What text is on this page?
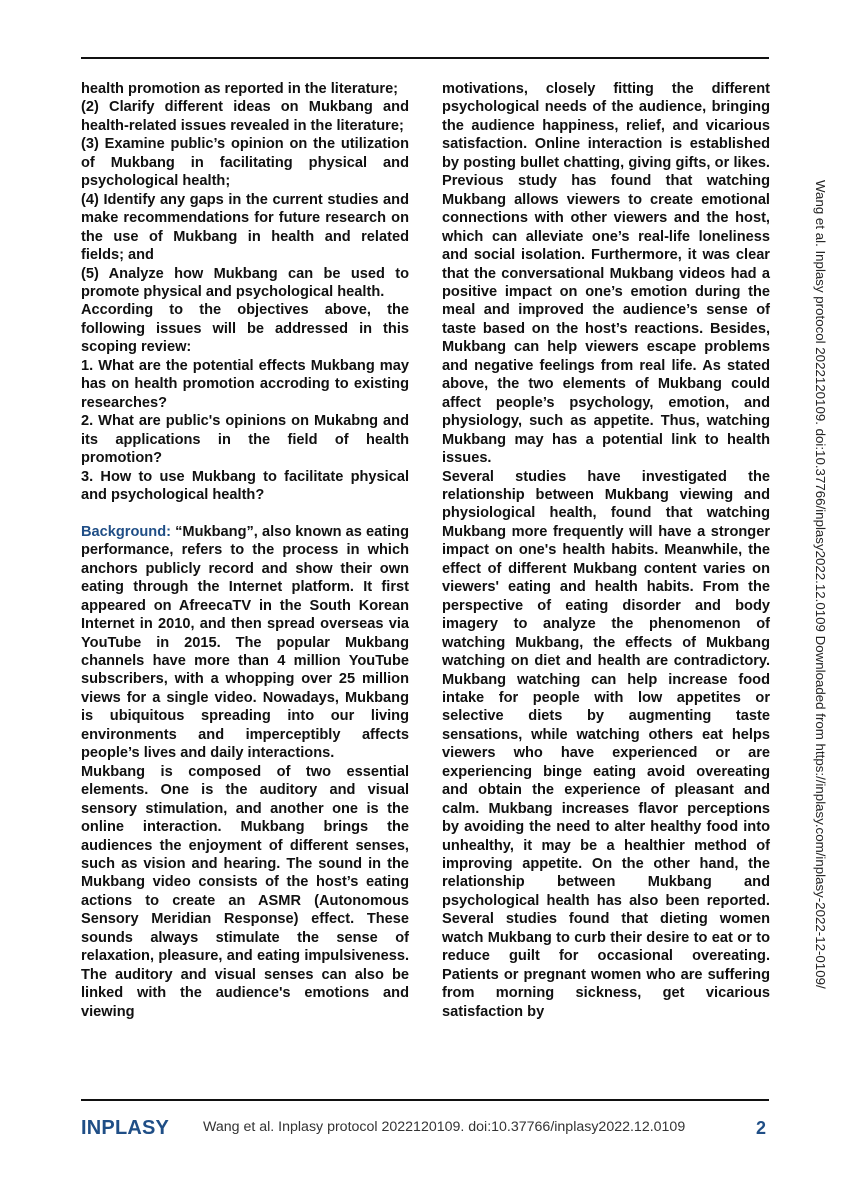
health promotion as reported in the literature;

(2) Clarify different ideas on Mukbang and health-related issues revealed in the literature;

(3) Examine public’s opinion on the utilization of Mukbang in facilitating physical and psychological health;

(4) Identify any gaps in the current studies and make recommendations for future research on the use of Mukbang in health and related fields; and

(5) Analyze how Mukbang can be used to promote physical and psychological health.

According to the objectives above, the following issues will be addressed in this scoping review:

1. What are the potential effects Mukbang may has on health promotion accroding to existing researches?

2. What are public's opinions on Mukabng and its applications in the field of health promotion?

3. How to use Mukbang to facilitate physical and psychological health?

Background: “Mukbang”, also known as eating performance, refers to the process in which anchors publicly record and show their own eating through the Internet platform. It first appeared on AfreecaTV in the South Korean Internet in 2010, and then spread overseas via YouTube in 2015. The popular Mukbang channels have more than 4 million YouTube subscribers, with a whopping over 25 million views for a single video. Nowadays, Mukbang is ubiquitous spreading into our living environments and imperceptibly affects people’s lives and daily interactions.

Mukbang is composed of two essential elements. One is the auditory and visual sensory stimulation, and another one is the online interaction. Mukbang brings the audiences the enjoyment of different senses, such as vision and hearing. The sound in the Mukbang video consists of the host’s eating actions to create an ASMR (Autonomous Sensory Meridian Response) effect. These sounds always stimulate the sense of relaxation, pleasure, and eating impulsiveness. The auditory and visual senses can also be linked with the audience's emotions and viewing

motivations, closely fitting the different psychological needs of the audience, bringing the audience happiness, relief, and vicarious satisfaction. Online interaction is established by posting bullet chatting, giving gifts, or likes. Previous study has found that watching Mukbang allows viewers to create emotional connections with other viewers and the host, which can alleviate one’s real-life loneliness and social isolation. Furthermore, it was clear that the conversational Mukbang videos had a positive impact on one’s emotion during the meal and improved the audience’s sense of taste based on the host’s reactions. Besides, Mukbang can help viewers escape problems and negative feelings from real life. As stated above, the two elements of Mukbang could affect people’s psychology, emotion, and physiology, such as appetite. Thus, watching Mukbang may has a potential link to health issues.

Several studies have investigated the relationship between Mukbang viewing and physiological health, found that watching Mukbang more frequently will have a stronger impact on one's health habits. Meanwhile, the effect of different Mukbang content varies on viewers' eating and health habits. From the perspective of eating disorder and body imagery to analyze the phenomenon of watching Mukbang, the effects of Mukbang watching on diet and health are contradictory. Mukbang watching can help increase food intake for people with low appetites or selective diets by augmenting taste sensations, while watching others eat helps viewers who have experienced or are experiencing binge eating avoid overeating and obtain the experience of pleasant and calm. Mukbang increases flavor perceptions by avoiding the need to alter healthy food into unhealthy, it may be a healthier method of improving appetite. On the other hand, the relationship between Mukbang and psychological health has also been reported. Several studies found that dieting women watch Mukbang to curb their desire to eat or to reduce guilt for occasional overeating. Patients or pregnant women who are suffering from morning sickness, get vicarious satisfaction by

Wang et al. Inplasy protocol 2022120109. doi:10.37766/inplasy2022.12.0109 Downloaded from https://inplasy.com/inplasy-2022-12-0109/
INPLASY Wang et al. Inplasy protocol 2022120109. doi:10.37766/inplasy2022.12.0109	2
